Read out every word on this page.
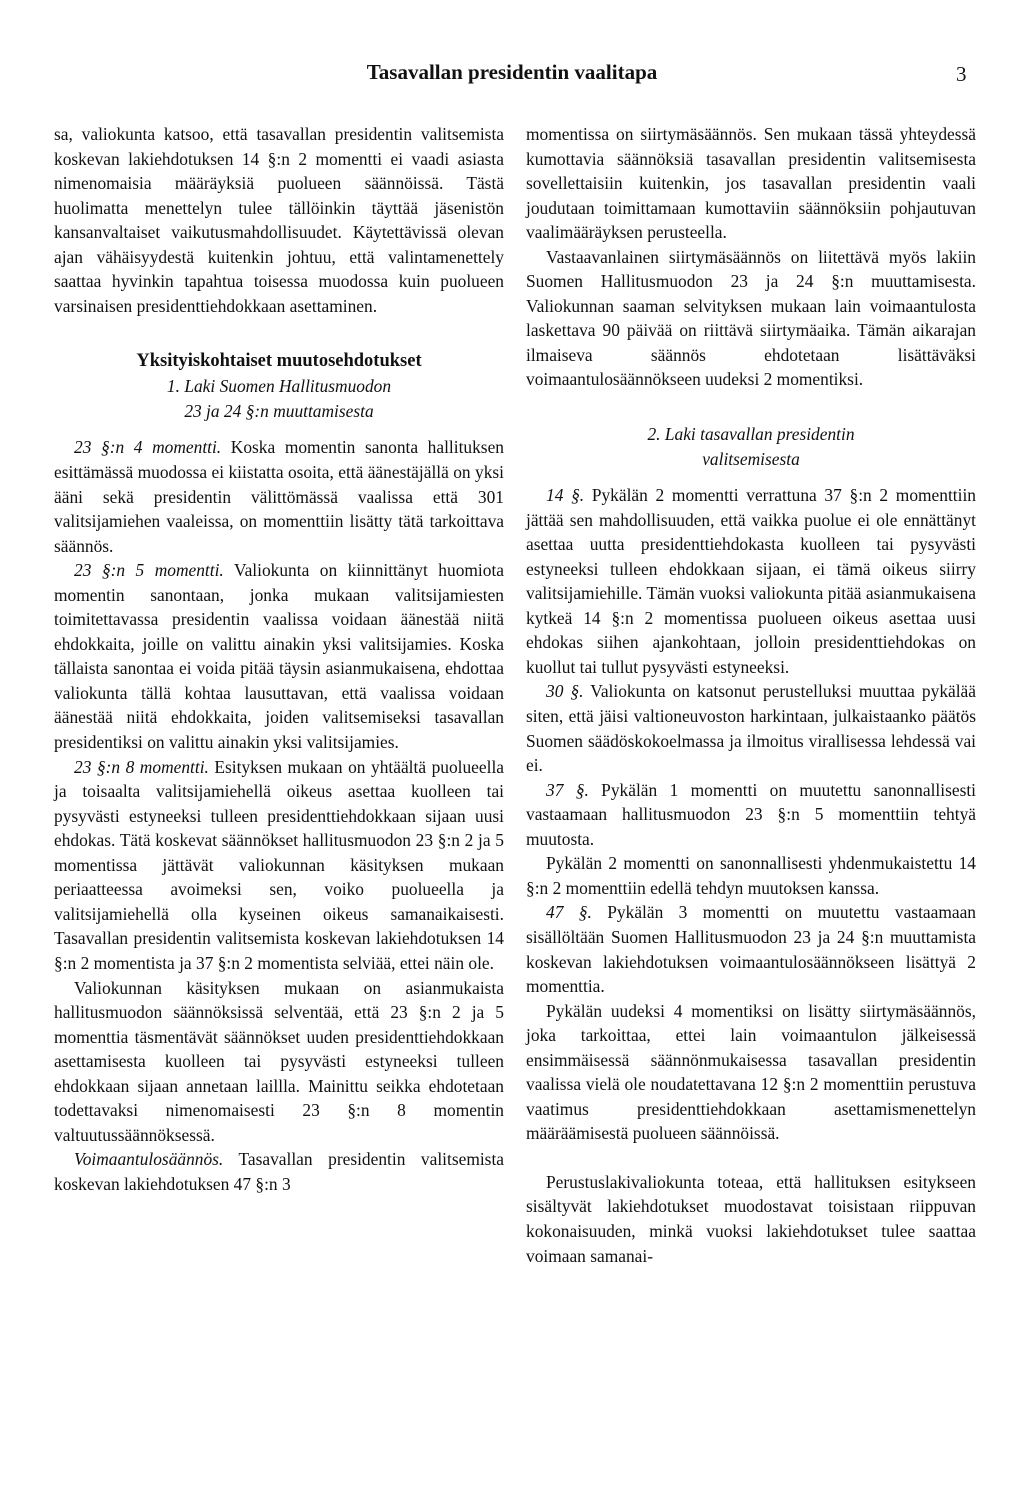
Tasavallan presidentin vaalitapa	3

sa, valiokunta katsoo, että tasavallan presidentin valitsemista koskevan lakiehdotuksen 14 §:n 2 momentti ei vaadi asiasta nimenomaisia määräyksiä puolueen säännöissä. Tästä huolimatta menettelyn tulee tällöinkin täyttää jäsenistön kansanvaltaiset vaikutusmahdollisuudet. Käytettävissä olevan ajan vähäisyydestä kuitenkin johtuu, että valintamenettely saattaa hyvinkin tapahtua toisessa muodossa kuin puolueen varsinaisen presidenttiehdokkaan asettaminen.

Yksityiskohtaiset muutosehdotukset
1. Laki Suomen Hallitusmuodon
23 ja 24 §:n muuttamisesta

23 §:n 4 momentti. Koska momentin sanonta hallituksen esittämässä muodossa ei kiistatta osoita, että äänestäjällä on yksi ääni sekä presidentin välittömässä vaalissa että 301 valitsijamiehen vaaleissa, on momenttiin lisätty tätä tarkoittava säännös.

23 §:n 5 momentti. Valiokunta on kiinnittänyt huomiota momentin sanontaan, jonka mukaan valitsijamiesten toimitettavassa presidentin vaalissa voidaan äänestää niitä ehdokkaita, joille on valittu ainakin yksi valitsijamies. Koska tällaista sanontaa ei voida pitää täysin asianmukaisena, ehdottaa valiokunta tällä kohtaa lausuttavan, että vaalissa voidaan äänestää niitä ehdokkaita, joiden valitsemiseksi tasavallan presidentiksi on valittu ainakin yksi valitsijamies.

23 §:n 8 momentti. Esityksen mukaan on yhtäältä puolueella ja toisaalta valitsijamiehellä oikeus asettaa kuolleen tai pysyvästi estyneeksi tulleen presidenttiehdokkaan sijaan uusi ehdokas. Tätä koskevat säännökset hallitusmuodon 23 §:n 2 ja 5 momentissa jättävät valiokunnan käsityksen mukaan periaatteessa avoimeksi sen, voiko puolueella ja valitsijamiehellä olla kyseinen oikeus samanaikaisesti. Tasavallan presidentin valitsemista koskevan lakiehdotuksen 14 §:n 2 momentista ja 37 §:n 2 momentista selviää, ettei näin ole.

Valiokunnan käsityksen mukaan on asianmukaista hallitusmuodon säännöksissä selventää, että 23 §:n 2 ja 5 momenttia täsmentävät säännökset uuden presidenttiehdokkaan asettamisesta kuolleen tai pysyvästi estyneeksi tulleen ehdokkaan sijaan annetaan laillla. Mainittu seikka ehdotetaan todettavaksi nimenomaisesti 23 §:n 8 momentin valtuutussäännöksessä.

Voimaantulosäännös. Tasavallan presidentin valitsemista koskevan lakiehdotuksen 47 §:n 3

momentissa on siirtymäsäännös. Sen mukaan tässä yhteydessä kumottavia säännöksiä tasavallan presidentin valitsemisesta sovellettaisiin kuitenkin, jos tasavallan presidentin vaali joudutaan toimittamaan kumottaviin säännöksiin pohjautuvan vaalimääräyksen perusteella.

Vastaavanlainen siirtymäsäännös on liitettävä myös lakiin Suomen Hallitusmuodon 23 ja 24 §:n muuttamisesta. Valiokunnan saaman selvityksen mukaan lain voimaantulosta laskettava 90 päivää on riittävä siirtymäaika. Tämän aikarajan ilmaiseva säännös ehdotetaan lisättäväksi voimaantulosäännökseen uudeksi 2 momentiksi.

2. Laki tasavallan presidentin
valitsemisesta

14 §. Pykälän 2 momentti verrattuna 37 §:n 2 momenttiin jättää sen mahdollisuuden, että vaikka puolue ei ole ennättänyt asettaa uutta presidenttiehdokasta kuolleen tai pysyvästi estyneeksi tulleen ehdokkaan sijaan, ei tämä oikeus siirry valitsijamiehille. Tämän vuoksi valiokunta pitää asianmukaisena kytkeä 14 §:n 2 momentissa puolueen oikeus asettaa uusi ehdokas siihen ajankohtaan, jolloin presidenttiehdokas on kuollut tai tullut pysyvästi estyneeksi.

30 §. Valiokunta on katsonut perustelluksi muuttaa pykälää siten, että jäisi valtioneuvoston harkintaan, julkaistaanko päätös Suomen säädöskokoelmassa ja ilmoitus virallisessa lehdessä vai ei.

37 §. Pykälän 1 momentti on muutettu sanonnallisesti vastaamaan hallitusmuodon 23 §:n 5 momenttiin tehtyä muutosta.

Pykälän 2 momentti on sanonnallisesti yhdenmukaistettu 14 §:n 2 momenttiin edellä tehdyn muutoksen kanssa.

47 §. Pykälän 3 momentti on muutettu vastaamaan sisällöltään Suomen Hallitusmuodon 23 ja 24 §:n muuttamista koskevan lakiehdotuksen voimaantulosäännökseen lisättyä 2 momenttia.

Pykälän uudeksi 4 momentiksi on lisätty siirtymäsäännös, joka tarkoittaa, ettei lain voimaantulon jälkeisessä ensimmäisessä säännönmukaisessa tasavallan presidentin vaalissa vielä ole noudatettavana 12 §:n 2 momenttiin perustuva vaatimus presidenttiehdokkaan asettamismenettelyn määräämisestä puolueen säännöissä.

Perustuslakivaliokunta toteaa, että hallituksen esitykseen sisältyvät lakiehdotukset muodostavat toisistaan riippuvan kokonaisuuden, minkä vuoksi lakiehdotukset tulee saattaa voimaan samanai-
